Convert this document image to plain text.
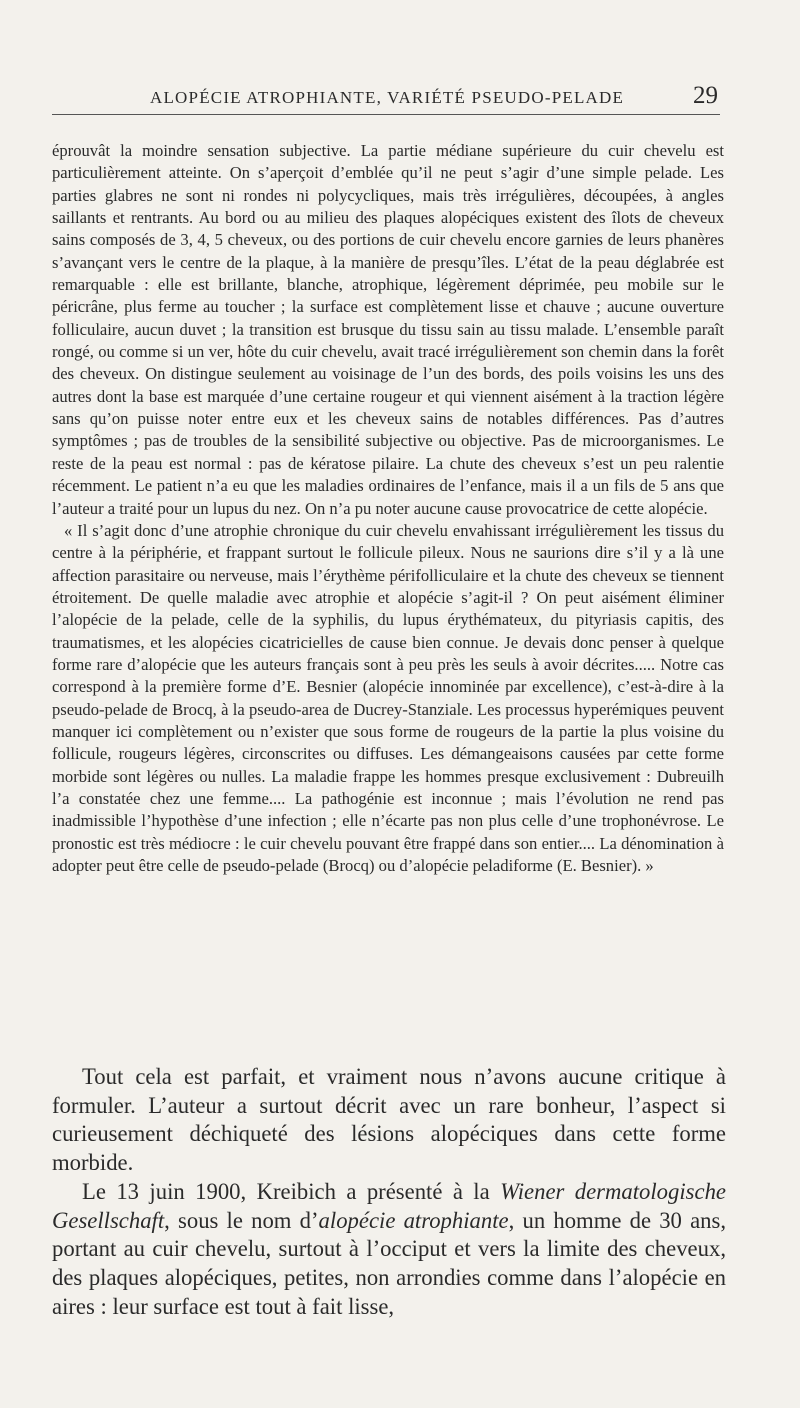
ALOPÉCIE ATROPHIANTE, VARIÉTÉ PSEUDO-PELADE	29

éprouvât la moindre sensation subjective. La partie médiane supérieure du cuir chevelu est particulièrement atteinte. On s’aperçoit d’emblée qu’il ne peut s’agir d’une simple pelade. Les parties glabres ne sont ni rondes ni polycycliques, mais très irrégulières, découpées, à angles saillants et rentrants. Au bord ou au milieu des plaques alopéciques existent des îlots de cheveux sains composés de 3, 4, 5 cheveux, ou des portions de cuir chevelu encore garnies de leurs phanères s’avançant vers le centre de la plaque, à la manière de presqu’îles. L’état de la peau déglabrée est remarquable : elle est brillante, blanche, atrophique, légèrement déprimée, peu mobile sur le péricrâne, plus ferme au toucher ; la surface est complètement lisse et chauve ; aucune ouverture folliculaire, aucun duvet ; la transition est brusque du tissu sain au tissu malade. L’ensemble paraît rongé, ou comme si un ver, hôte du cuir chevelu, avait tracé irrégulièrement son chemin dans la forêt des cheveux. On distingue seulement au voisinage de l’un des bords, des poils voisins les uns des autres dont la base est marquée d’une certaine rougeur et qui viennent aisément à la traction légère sans qu’on puisse noter entre eux et les cheveux sains de notables différences. Pas d’autres symptômes ; pas de troubles de la sensibilité subjective ou objective. Pas de microorganismes. Le reste de la peau est normal : pas de kératose pilaire. La chute des cheveux s’est un peu ralentie récemment. Le patient n’a eu que les maladies ordinaires de l’enfance, mais il a un fils de 5 ans que l’auteur a traité pour un lupus du nez. On n’a pu noter aucune cause provocatrice de cette alopécie.

« Il s’agit donc d’une atrophie chronique du cuir chevelu envahissant irrégulièrement les tissus du centre à la périphérie, et frappant surtout le follicule pileux. Nous ne saurions dire s’il y a là une affection parasitaire ou nerveuse, mais l’érythème périfolliculaire et la chute des cheveux se tiennent étroitement. De quelle maladie avec atrophie et alopécie s’agit-il ? On peut aisément éliminer l’alopécie de la pelade, celle de la syphilis, du lupus érythémateux, du pityriasis capitis, des traumatismes, et les alopécies cicatricielles de cause bien connue. Je devais donc penser à quelque forme rare d’alopécie que les auteurs français sont à peu près les seuls à avoir décrites..... Notre cas correspond à la première forme d’E. Besnier (alopécie innominée par excellence), c’est-à-dire à la pseudo-pelade de Brocq, à la pseudo-area de Ducrey-Stanziale. Les processus hyperémiques peuvent manquer ici complètement ou n’exister que sous forme de rougeurs de la partie la plus voisine du follicule, rougeurs légères, circonscrites ou diffuses. Les démangeaisons causées par cette forme morbide sont légères ou nulles. La maladie frappe les hommes presque exclusivement : Dubreuilh l’a constatée chez une femme.... La pathogénie est inconnue ; mais l’évolution ne rend pas inadmissible l’hypothèse d’une infection ; elle n’écarte pas non plus celle d’une trophonévrose. Le pronostic est très médiocre : le cuir chevelu pouvant être frappé dans son entier.... La dénomination à adopter peut être celle de pseudo-pelade (Brocq) ou d’alopécie peladiforme (E. Besnier). »

Tout cela est parfait, et vraiment nous n’avons aucune critique à formuler. L’auteur a surtout décrit avec un rare bonheur, l’aspect si curieusement déchiqueté des lésions alopéciques dans cette forme morbide.

Le 13 juin 1900, Kreibich a présenté à la Wiener dermatologische Gesellschaft, sous le nom d’alopécie atrophiante, un homme de 30 ans, portant au cuir chevelu, surtout à l’occiput et vers la limite des cheveux, des plaques alopéciques, petites, non arrondies comme dans l’alopécie en aires : leur surface est tout à fait lisse,
